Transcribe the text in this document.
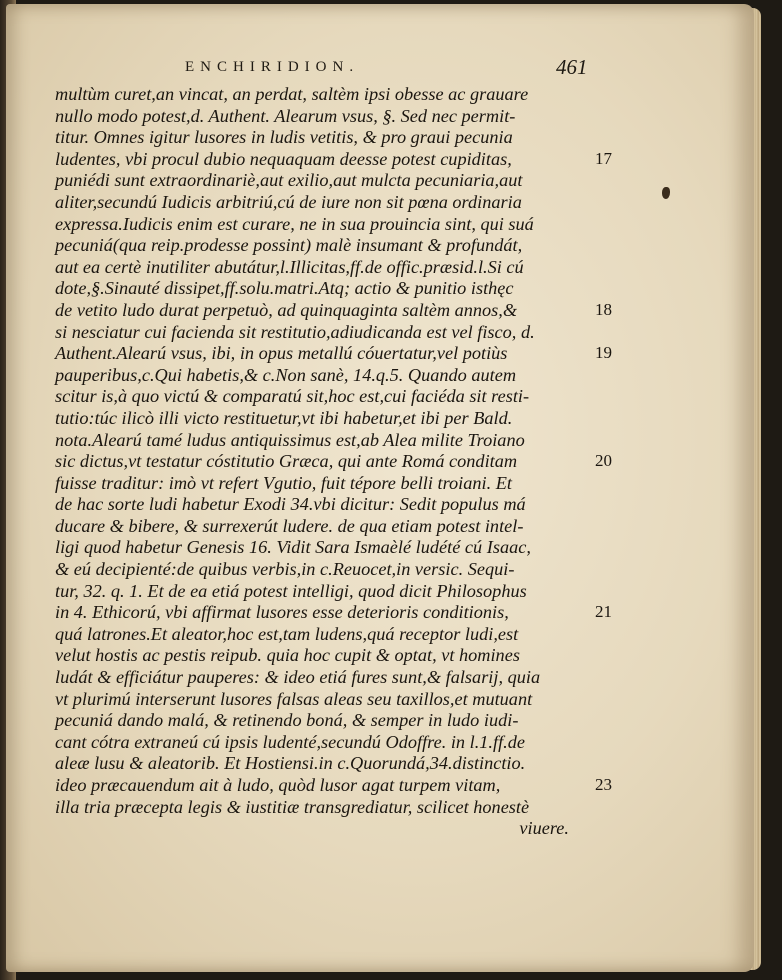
ENCHIRIDION.	461
multùm curet,an vincat, an perdat, saltèm ipsi obesse ac grauare
nullo modo potest,d. Authent. Alearum vsus, §. Sed nec permit-
titur. Omnes igitur lusores in ludis vetitis, & pro graui pecunia
ludentes, vbi procul dubio nequaquam deesse potest cupiditas,
puniédi sunt extraordinariè,aut exilio,aut mulcta pecuniaria,aut
aliter,secundú Iudicis arbitriú,cú de iure non sit pœna ordinaria
expressa.Iudicis enim est curare, ne in sua prouincia sint, qui suá
pecuniá(qua reip.prodesse possint) malè insumant & profundát,
aut ea certè inutiliter abutátur,l.Illicitas,ff.de offic.præsid.l.Si cú
dote,§.Sinauté dissipet,ff.solu.matri.Atq; actio & punitio isthęc
de vetito ludo durat perpetuò, ad quinquaginta saltèm annos,&
si nesciatur cui facienda sit restitutio,adiudicanda est vel fisco, d.
Authent.Alearú vsus, ibi, in opus metallú cóuertatur,vel potiùs
pauperibus,c.Qui habetis,& c.Non sanè, 14.q.5. Quando autem
scitur is,à quo victú & comparatú sit,hoc est,cui faciéda sit resti-
tutio:túc ilicò illi victo restituetur,vt ibi habetur,et ibi per Bald.
nota.Alearú tamé ludus antiquissimus est,ab Alea milite Troiano
sic dictus,vt testatur cóstitutio Græca, qui ante Romá conditam
fuisse traditur: imò vt refert Vgutio, fuit tépore belli troiani. Et
de hac sorte ludi habetur Exodi 34.vbi dicitur: Sedit populus má
ducare & bibere, & surrexerút ludere. de qua etiam potest intel-
ligi quod habetur Genesis 16. Vidit Sara Ismaèlé ludété cú Isaac,
& eú decipienté:de quibus verbis,in c.Reuocet,in versic. Sequi-
tur, 32. q. 1. Et de ea etiá potest intelligi, quod dicit Philosophus
in 4. Ethicorú, vbi affirmat lusores esse deterioris conditionis,
quá latrones.Et aleator,hoc est,tam ludens,quá receptor ludi,est
velut hostis ac pestis reipub. quia hoc cupit & optat, vt homines
ludát & efficiátur pauperes: & ideo etiá fures sunt,& falsarij, quia
vt plurimú interserunt lusores falsas aleas seu taxillos,et mutuant
pecuniá dando malá, & retinendo boná, & semper in ludo iudi-
cant cótra extraneú cú ipsis ludenté,secundú Odoffre. in l.1.ff.de
aleæ lusu & aleatorib. Et Hostiensi.in c.Quorundá,34.distinctio.
ideo præcauendum ait à ludo, quòd lusor agat turpem vitam,
illa tria præcepta legis & iustitiæ transgrediatur, scilicet honestè
viuere.
17
18
19
20
21
23
